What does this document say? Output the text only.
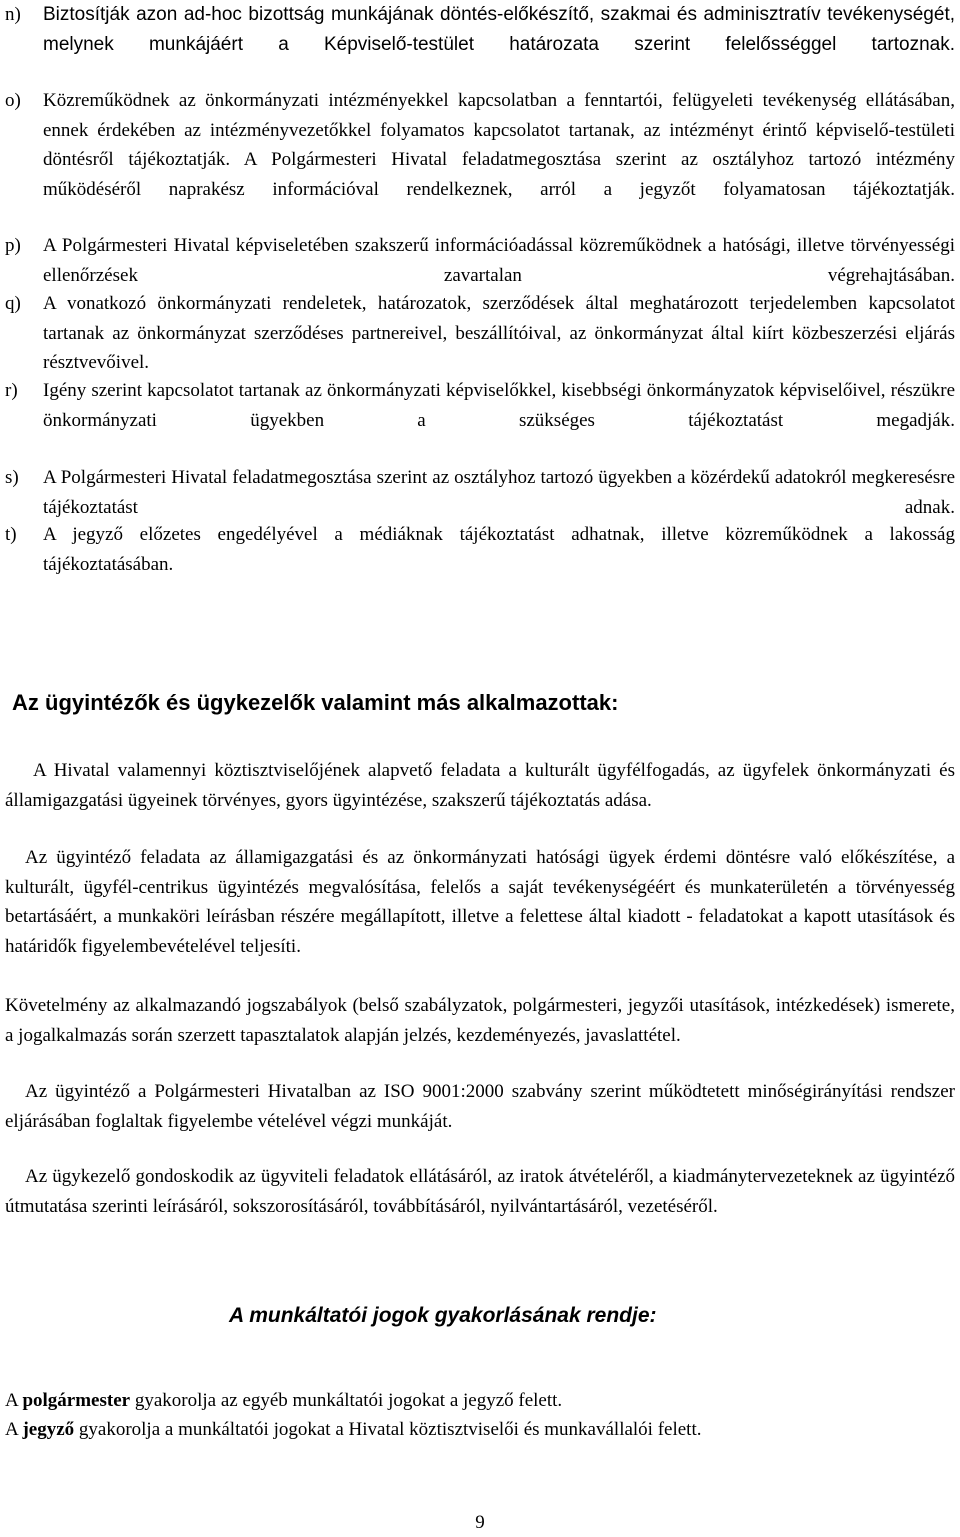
n)	Biztosítják azon ad-hoc bizottság munkájának döntés-előkészítő, szakmai és adminisztratív tevékenységét, melynek munkájáért a Képviselő-testület határozata szerint felelősséggel tartoznak.

o)	Közreműködnek az önkormányzati intézményekkel kapcsolatban a fenntartói, felügyeleti tevékenység ellátásában, ennek érdekében az intézményvezetőkkel folyamatos kapcsolatot tartanak, az intézményt érintő képviselő-testületi döntésről tájékoztatják. A Polgármesteri Hivatal feladatmegosztása szerint az osztályhoz tartozó intézmény működéséről naprakész információval rendelkeznek, arról a jegyzőt folyamatosan tájékoztatják.

p)	A Polgármesteri Hivatal képviseletében szakszerű információadással közreműködnek a hatósági, illetve törvényességi ellenőrzések zavartalan végrehajtásában.

q)	A vonatkozó önkormányzati rendeletek, határozatok, szerződések által meghatározott terjedelemben kapcsolatot tartanak az önkormányzat szerződéses partnereivel, beszállítóival, az önkormányzat által kiírt közbeszerzési eljárás résztvevőivel.

r)	Igény szerint kapcsolatot tartanak az önkormányzati képviselőkkel, kisebbségi önkormányzatok képviselőivel, részükre önkormányzati ügyekben a szükséges tájékoztatást megadják.

s)	A Polgármesteri Hivatal feladatmegosztása szerint az osztályhoz tartozó ügyekben a közérdekű adatokról megkeresésre tájékoztatást adnak.

t)	A jegyző előzetes engedélyével a médiáknak tájékoztatást adhatnak, illetve közreműködnek a lakosság tájékoztatásában.

Az ügyintézők és ügykezelők valamint más alkalmazottak:

A Hivatal valamennyi köztisztviselőjének alapvető feladata a kulturált ügyfélfogadás, az ügyfelek önkormányzati és államigazgatási ügyeinek törvényes, gyors ügyintézése, szakszerű tájékoztatás adása.

Az ügyintéző feladata az államigazgatási és az önkormányzati hatósági ügyek érdemi döntésre való előkészítése, a kulturált, ügyfél-centrikus ügyintézés megvalósítása, felelős a saját tevékenységéért és munkaterületén a törvényesség betartásáért, a munkaköri leírásban részére megállapított, illetve a felettese által kiadott - feladatokat a kapott utasítások és határidők figyelembevételével teljesíti.

Követelmény az alkalmazandó jogszabályok (belső szabályzatok, polgármesteri, jegyzői utasítások, intézkedések) ismerete, a jogalkalmazás során szerzett tapasztalatok alapján jelzés, kezdeményezés, javaslattétel.

Az ügyintéző a Polgármesteri Hivatalban az ISO 9001:2000 szabvány szerint működtetett minőségirányítási rendszer eljárásában foglaltak figyelembe vételével végzi munkáját.

Az ügykezelő gondoskodik az ügyviteli feladatok ellátásáról, az iratok átvételéről, a kiadmánytervezeteknek az ügyintéző útmutatása szerinti leírásáról, sokszorosításáról, továbbításáról, nyilvántartásáról, vezetéséről.

A munkáltatói jogok gyakorlásának rendje:

A polgármester gyakorolja az egyéb munkáltatói jogokat a jegyző felett.

A jegyző gyakorolja a munkáltatói jogokat a Hivatal köztisztviselői és munkavállalói felett.

9
